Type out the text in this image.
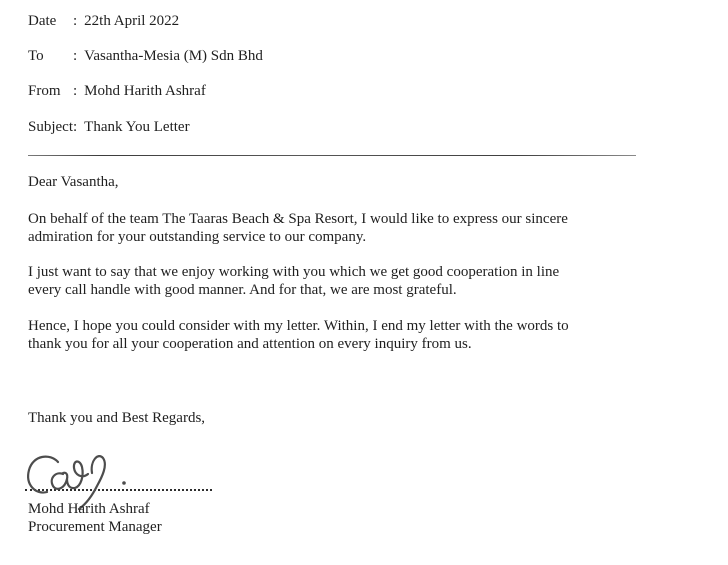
Date : 22th April 2022
To : Vasantha-Mesia (M) Sdn Bhd
From : Mohd Harith Ashraf
Subject: Thank You Letter
Dear Vasantha,
On behalf of the team The Taaras Beach & Spa Resort, I would like to express our sincere
admiration for your outstanding service to our company.
I just want to say that we enjoy working with you which we get good cooperation in line
every call handle with good manner. And for that, we are most grateful.
Hence, I hope you could consider with my letter. Within, I end my letter with the words to
thank you for all your cooperation and attention on every inquiry from us.
Thank you and Best Regards,
Mohd Harith Ashraf
Procurement Manager
